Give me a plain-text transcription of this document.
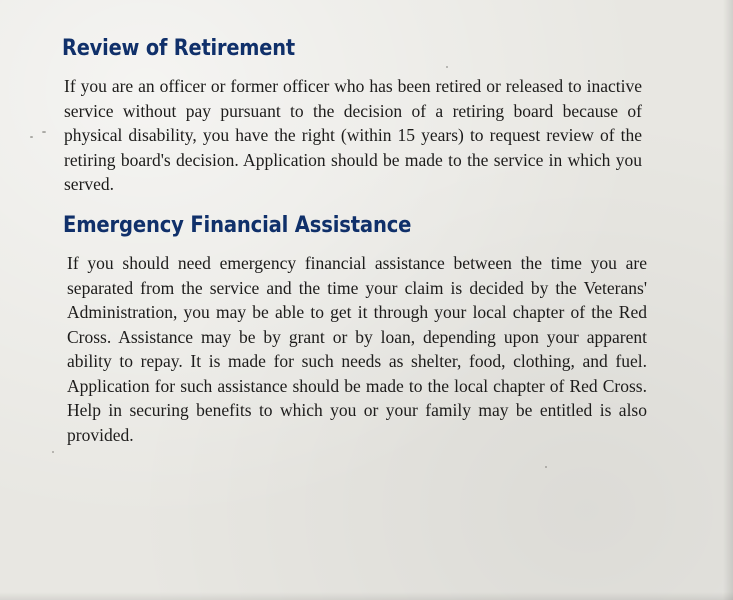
Review of Retirement

If you are an officer or former officer who has been retired or released to inactive service without pay pursuant to the decision of a retiring board because of physical disability, you have the right (within 15 years) to request review of the retiring board's decision. Application should be made to the service in which you served.

Emergency Financial Assistance

If you should need emergency financial assistance between the time you are separated from the service and the time your claim is decided by the Veterans' Administration, you may be able to get it through your local chapter of the Red Cross. Assistance may be by grant or by loan, depending upon your apparent ability to repay. It is made for such needs as shelter, food, clothing, and fuel. Application for such assistance should be made to the local chapter of Red Cross. Help in securing benefits to which you or your family may be entitled is also provided.
